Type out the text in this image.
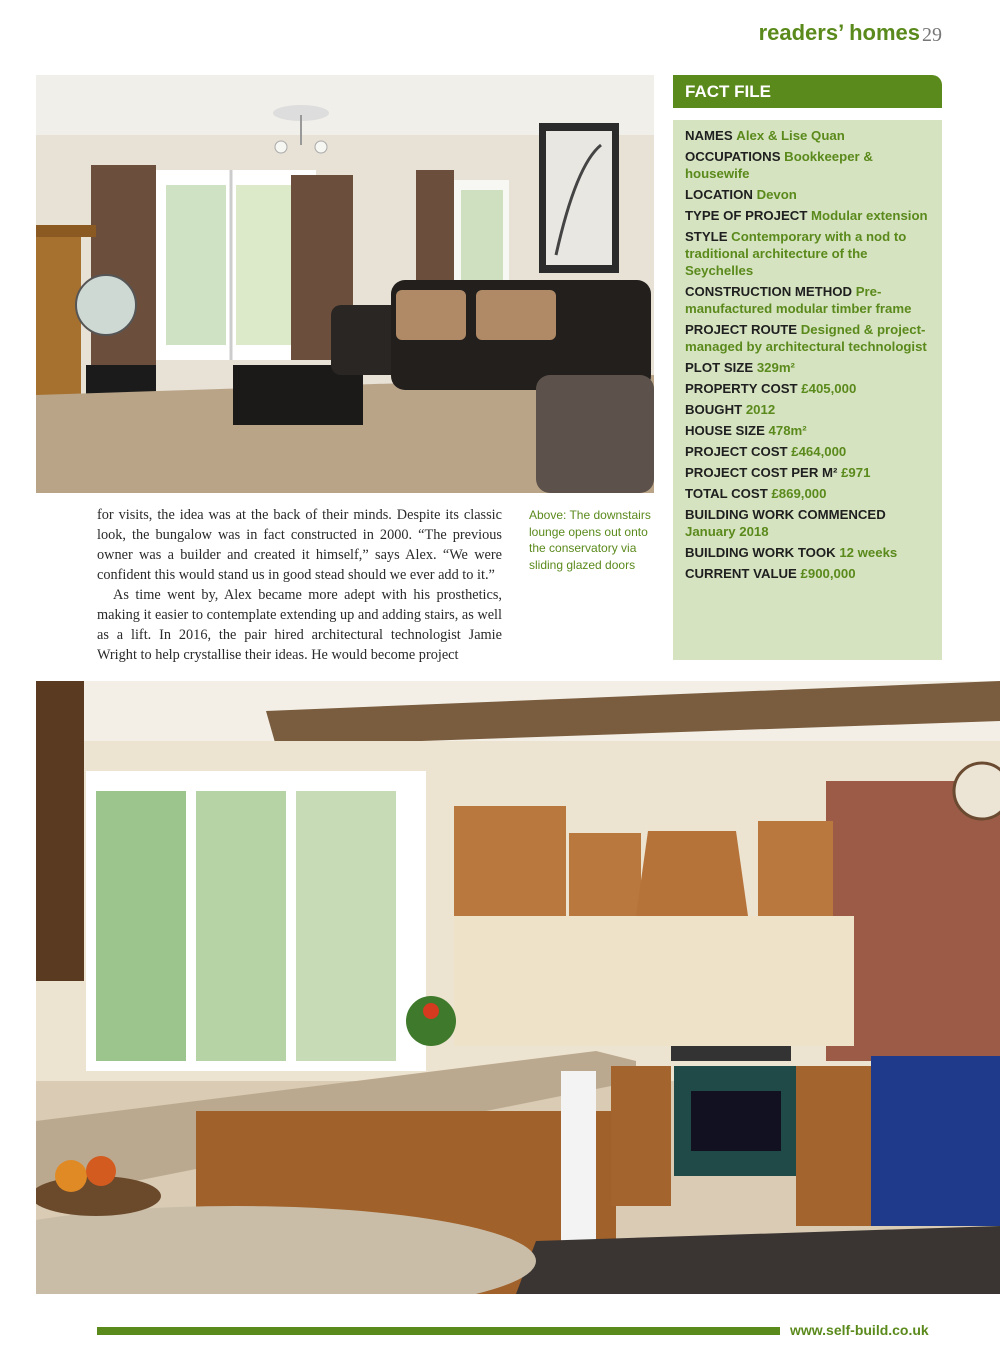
readers’ homes 29

for visits, the idea was at the back of their minds. Despite its classic look, the bungalow was in fact constructed in 2000. “The previous owner was a builder and created it himself,” says Alex. “We were confident this would stand us in good stead should we ever add to it.”

As time went by, Alex became more adept with his prosthetics, making it easier to contemplate extending up and adding stairs, as well as a lift. In 2016, the pair hired architectural technologist Jamie Wright to help crystallise their ideas. He would become project

Above: The downstairs lounge opens out onto the conservatory via sliding glazed doors
FACT FILE
NAMES Alex & Lise Quan
OCCUPATIONS Bookkeeper & housewife
LOCATION Devon
TYPE OF PROJECT Modular extension
STYLE Contemporary with a nod to traditional architecture of the Seychelles
CONSTRUCTION METHOD Pre-manufactured modular timber frame
PROJECT ROUTE Designed & project-managed by architectural technologist
PLOT SIZE 329m²
PROPERTY COST £405,000
BOUGHT 2012
HOUSE SIZE 478m²
PROJECT COST £464,000
PROJECT COST PER M² £971
TOTAL COST £869,000
BUILDING WORK COMMENCED January 2018
BUILDING WORK TOOK 12 weeks
CURRENT VALUE £900,000
www.self-build.co.uk
